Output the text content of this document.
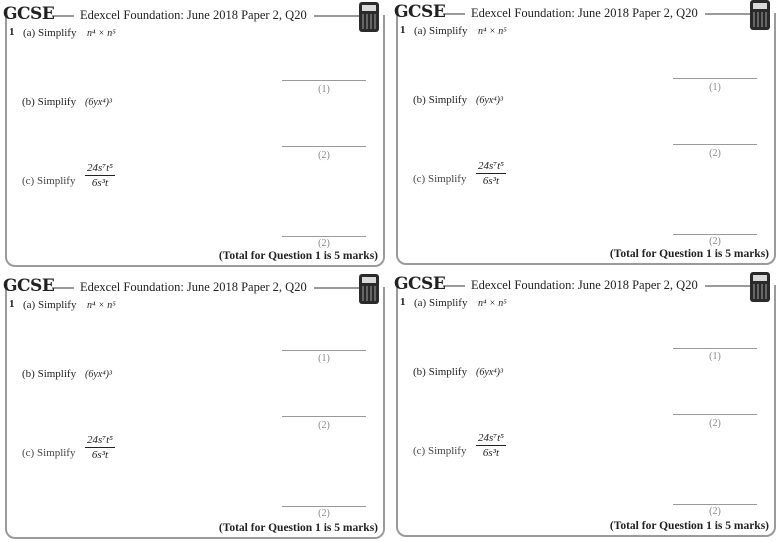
GCSE Edexcel Foundation: June 2018 Paper 2, Q20
1 (a) Simplify n⁴ × n⁵
(1)
(b) Simplify (6yx⁴)³
(2)
(c) Simplify
24s⁷t⁵
6s³t
(2)
(Total for Question 1 is 5 marks)
GCSE Edexcel Foundation: June 2018 Paper 2, Q20
1 (a) Simplify n⁴ × n⁵
(1)
(b) Simplify (6yx⁴)³
(2)
(c) Simplify
24s⁷t⁵
6s³t
(2)
(Total for Question 1 is 5 marks)
GCSE Edexcel Foundation: June 2018 Paper 2, Q20
1 (a) Simplify n⁴ × n⁵
(1)
(b) Simplify (6yx⁴)³
(2)
(c) Simplify
24s⁷t⁵
6s³t
(2)
(Total for Question 1 is 5 marks)
GCSE Edexcel Foundation: June 2018 Paper 2, Q20
1 (a) Simplify n⁴ × n⁵
(1)
(b) Simplify (6yx⁴)³
(2)
(c) Simplify
24s⁷t⁵
6s³t
(2)
(Total for Question 1 is 5 marks)
